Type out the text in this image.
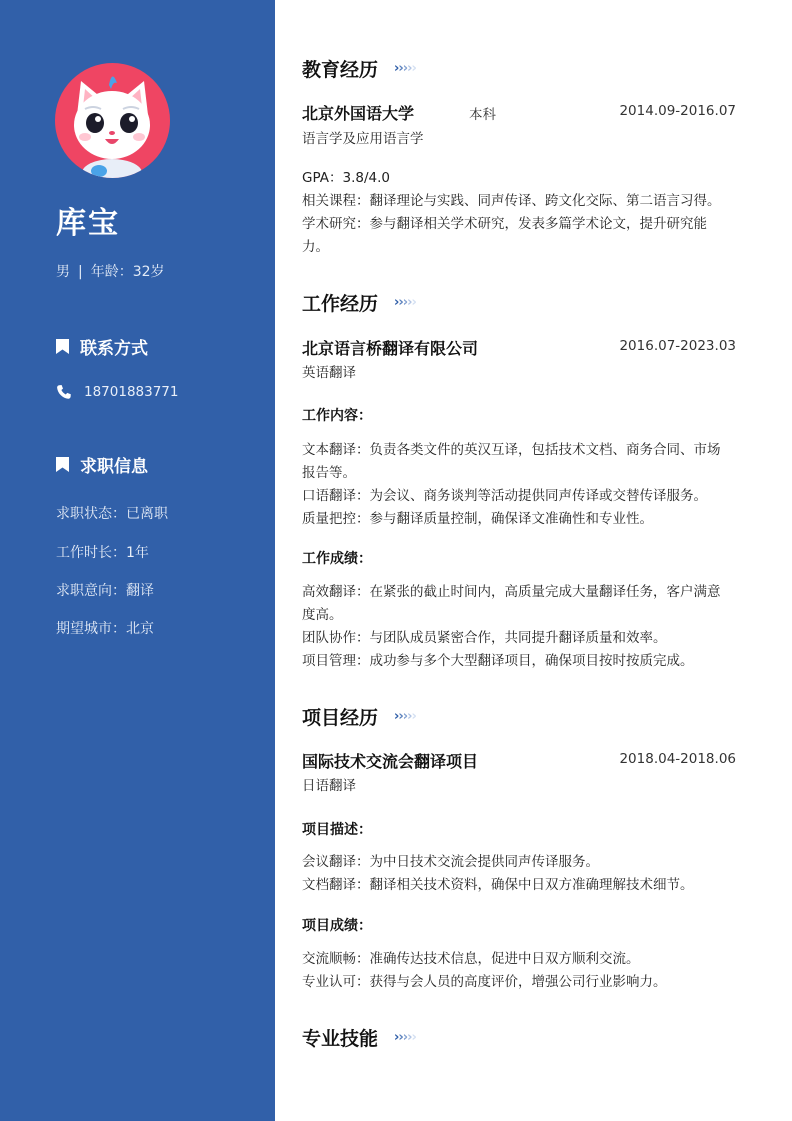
库宝
男 | 年龄：32岁
联系方式
18701883771
求职信息
求职状态：已离职
工作时长：1年
求职意向：翻译
期望城市：北京
教育经历 › › › › ›
北京外国语大学	本科	2014.09-2016.07
语言学及应用语言学
GPA：3.8/4.0
相关课程：翻译理论与实践、同声传译、跨文化交际、第二语言习得。
学术研究：参与翻译相关学术研究，发表多篇学术论文，提升研究能
力。
工作经历 › › › › ›
北京语言桥翻译有限公司	2016.07-2023.03
英语翻译
工作内容：
文本翻译：负责各类文件的英汉互译，包括技术文档、商务合同、市场
报告等。
口语翻译：为会议、商务谈判等活动提供同声传译或交替传译服务。
质量把控：参与翻译质量控制，确保译文准确性和专业性。
工作成绩：
高效翻译：在紧张的截止时间内，高质量完成大量翻译任务，客户满意
度高。
团队协作：与团队成员紧密合作，共同提升翻译质量和效率。
项目管理：成功参与多个大型翻译项目，确保项目按时按质完成。
项目经历 › › › › ›
国际技术交流会翻译项目	2018.04-2018.06
日语翻译
项目描述：
会议翻译：为中日技术交流会提供同声传译服务。
文档翻译：翻译相关技术资料，确保中日双方准确理解技术细节。
项目成绩：
交流顺畅：准确传达技术信息，促进中日双方顺利交流。
专业认可：获得与会人员的高度评价，增强公司行业影响力。
专业技能 › › › › ›
